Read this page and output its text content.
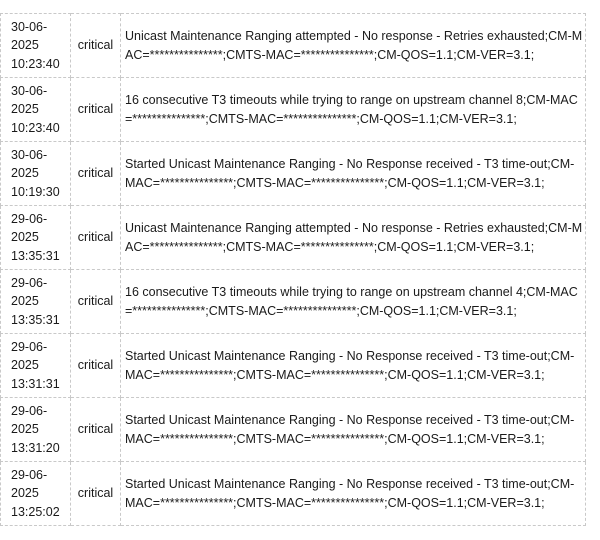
30-06-
2025
10:23:40	critical	Unicast Maintenance Ranging attempted - No response - Retries exhausted;CM-MAC=***************;CMTS-MAC=***************;CM-QOS=1.1;CM-VER=3.1;
30-06-
2025
10:23:40	critical	16 consecutive T3 timeouts while trying to range on upstream channel 8;CM-MAC=***************;CMTS-MAC=***************;CM-QOS=1.1;CM-VER=3.1;
30-06-
2025
10:19:30	critical	Started Unicast Maintenance Ranging - No Response received - T3 time-out;CM-MAC=***************;CMTS-MAC=***************;CM-QOS=1.1;CM-VER=3.1;
29-06-
2025
13:35:31	critical	Unicast Maintenance Ranging attempted - No response - Retries exhausted;CM-MAC=***************;CMTS-MAC=***************;CM-QOS=1.1;CM-VER=3.1;
29-06-
2025
13:35:31	critical	16 consecutive T3 timeouts while trying to range on upstream channel 4;CM-MAC=***************;CMTS-MAC=***************;CM-QOS=1.1;CM-VER=3.1;
29-06-
2025
13:31:31	critical	Started Unicast Maintenance Ranging - No Response received - T3 time-out;CM-MAC=***************;CMTS-MAC=***************;CM-QOS=1.1;CM-VER=3.1;
29-06-
2025
13:31:20	critical	Started Unicast Maintenance Ranging - No Response received - T3 time-out;CM-MAC=***************;CMTS-MAC=***************;CM-QOS=1.1;CM-VER=3.1;
29-06-
2025
13:25:02	critical	Started Unicast Maintenance Ranging - No Response received - T3 time-out;CM-MAC=***************;CMTS-MAC=***************;CM-QOS=1.1;CM-VER=3.1;
